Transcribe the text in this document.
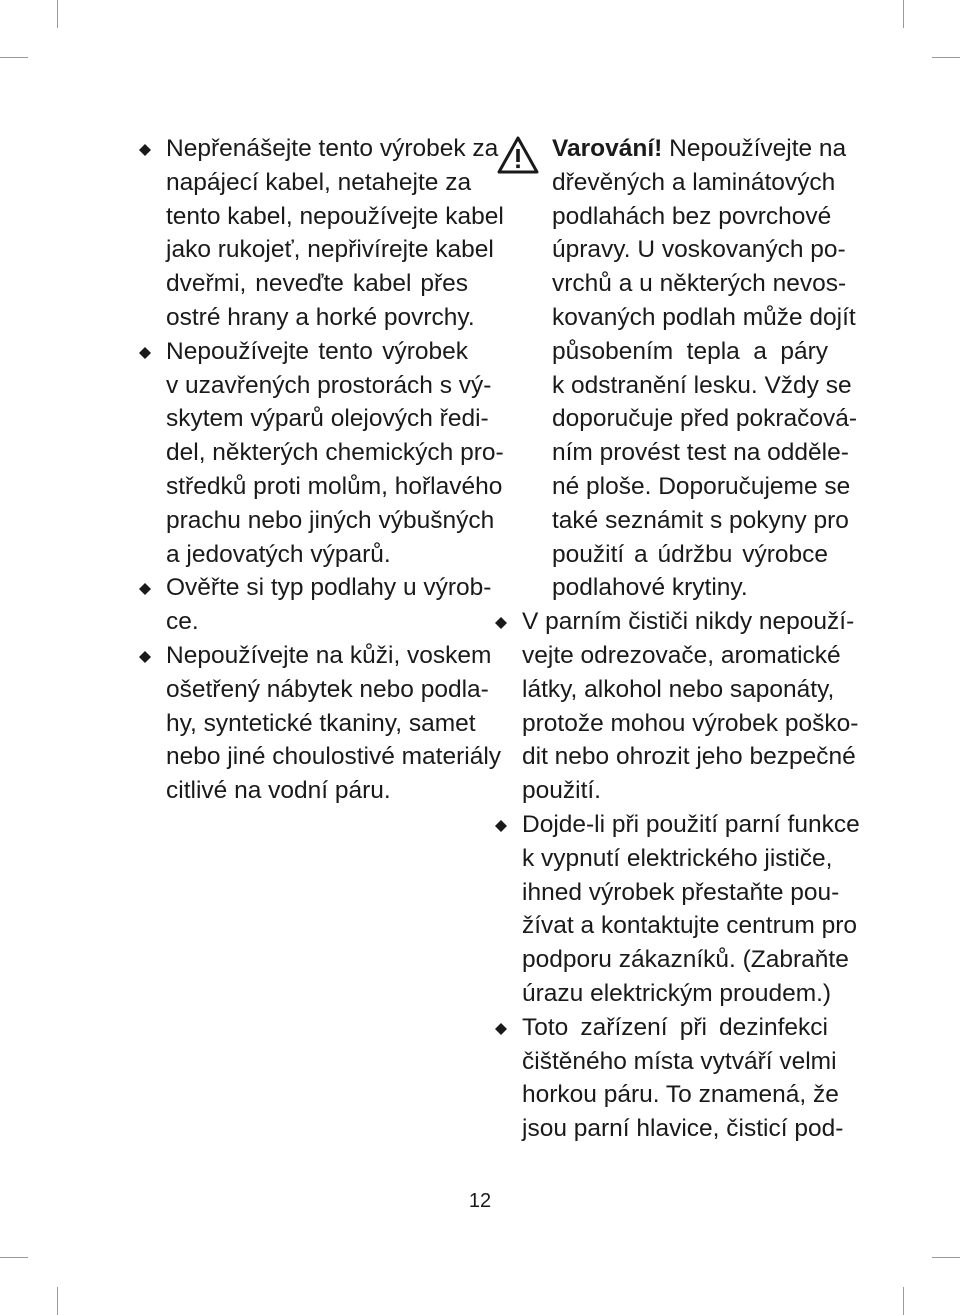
Nepřenášejte tento výrobek za
napájecí kabel, netahejte za
tento kabel, nepoužívejte kabel
jako rukojeť, nepřivírejte kabel
dveřmi, neveďte kabel přes
ostré hrany a horké povrchy.
Nepoužívejte tento výrobek
v uzavřených prostorách s vý-
skytem výparů olejových ředi-
del, některých chemických pro-
středků proti molům, hořlavého
prachu nebo jiných výbušných
a jedovatých výparů.
Ověřte si typ podlahy u výrob-
ce.
Nepoužívejte na kůži, voskem
ošetřený nábytek nebo podla-
hy, syntetické tkaniny, samet
nebo jiné choulostivé materiály
citlivé na vodní páru.
Varování! Nepoužívejte na
dřevěných a laminátových
podlahách bez povrchové
úpravy. U voskovaných po-
vrchů a u některých nevos-
kovaných podlah může dojít
působením tepla a páry
k odstranění lesku. Vždy se
doporučuje před pokračová-
ním provést test na odděle-
né ploše. Doporučujeme se
také seznámit s pokyny pro
použití a údržbu výrobce
podlahové krytiny.
V parním čističi nikdy nepouží-
vejte odrezovače, aromatické
látky, alkohol nebo saponáty,
protože mohou výrobek poško-
dit nebo ohrozit jeho bezpečné
použití.
Dojde-li při použití parní funkce
k vypnutí elektrického jističe,
ihned výrobek přestaňte pou-
žívat a kontaktujte centrum pro
podporu zákazníků. (Zabraňte
úrazu elektrickým proudem.)
Toto zařízení při dezinfekci
čištěného místa vytváří velmi
horkou páru. To znamená, že
jsou parní hlavice, čisticí pod-
12
